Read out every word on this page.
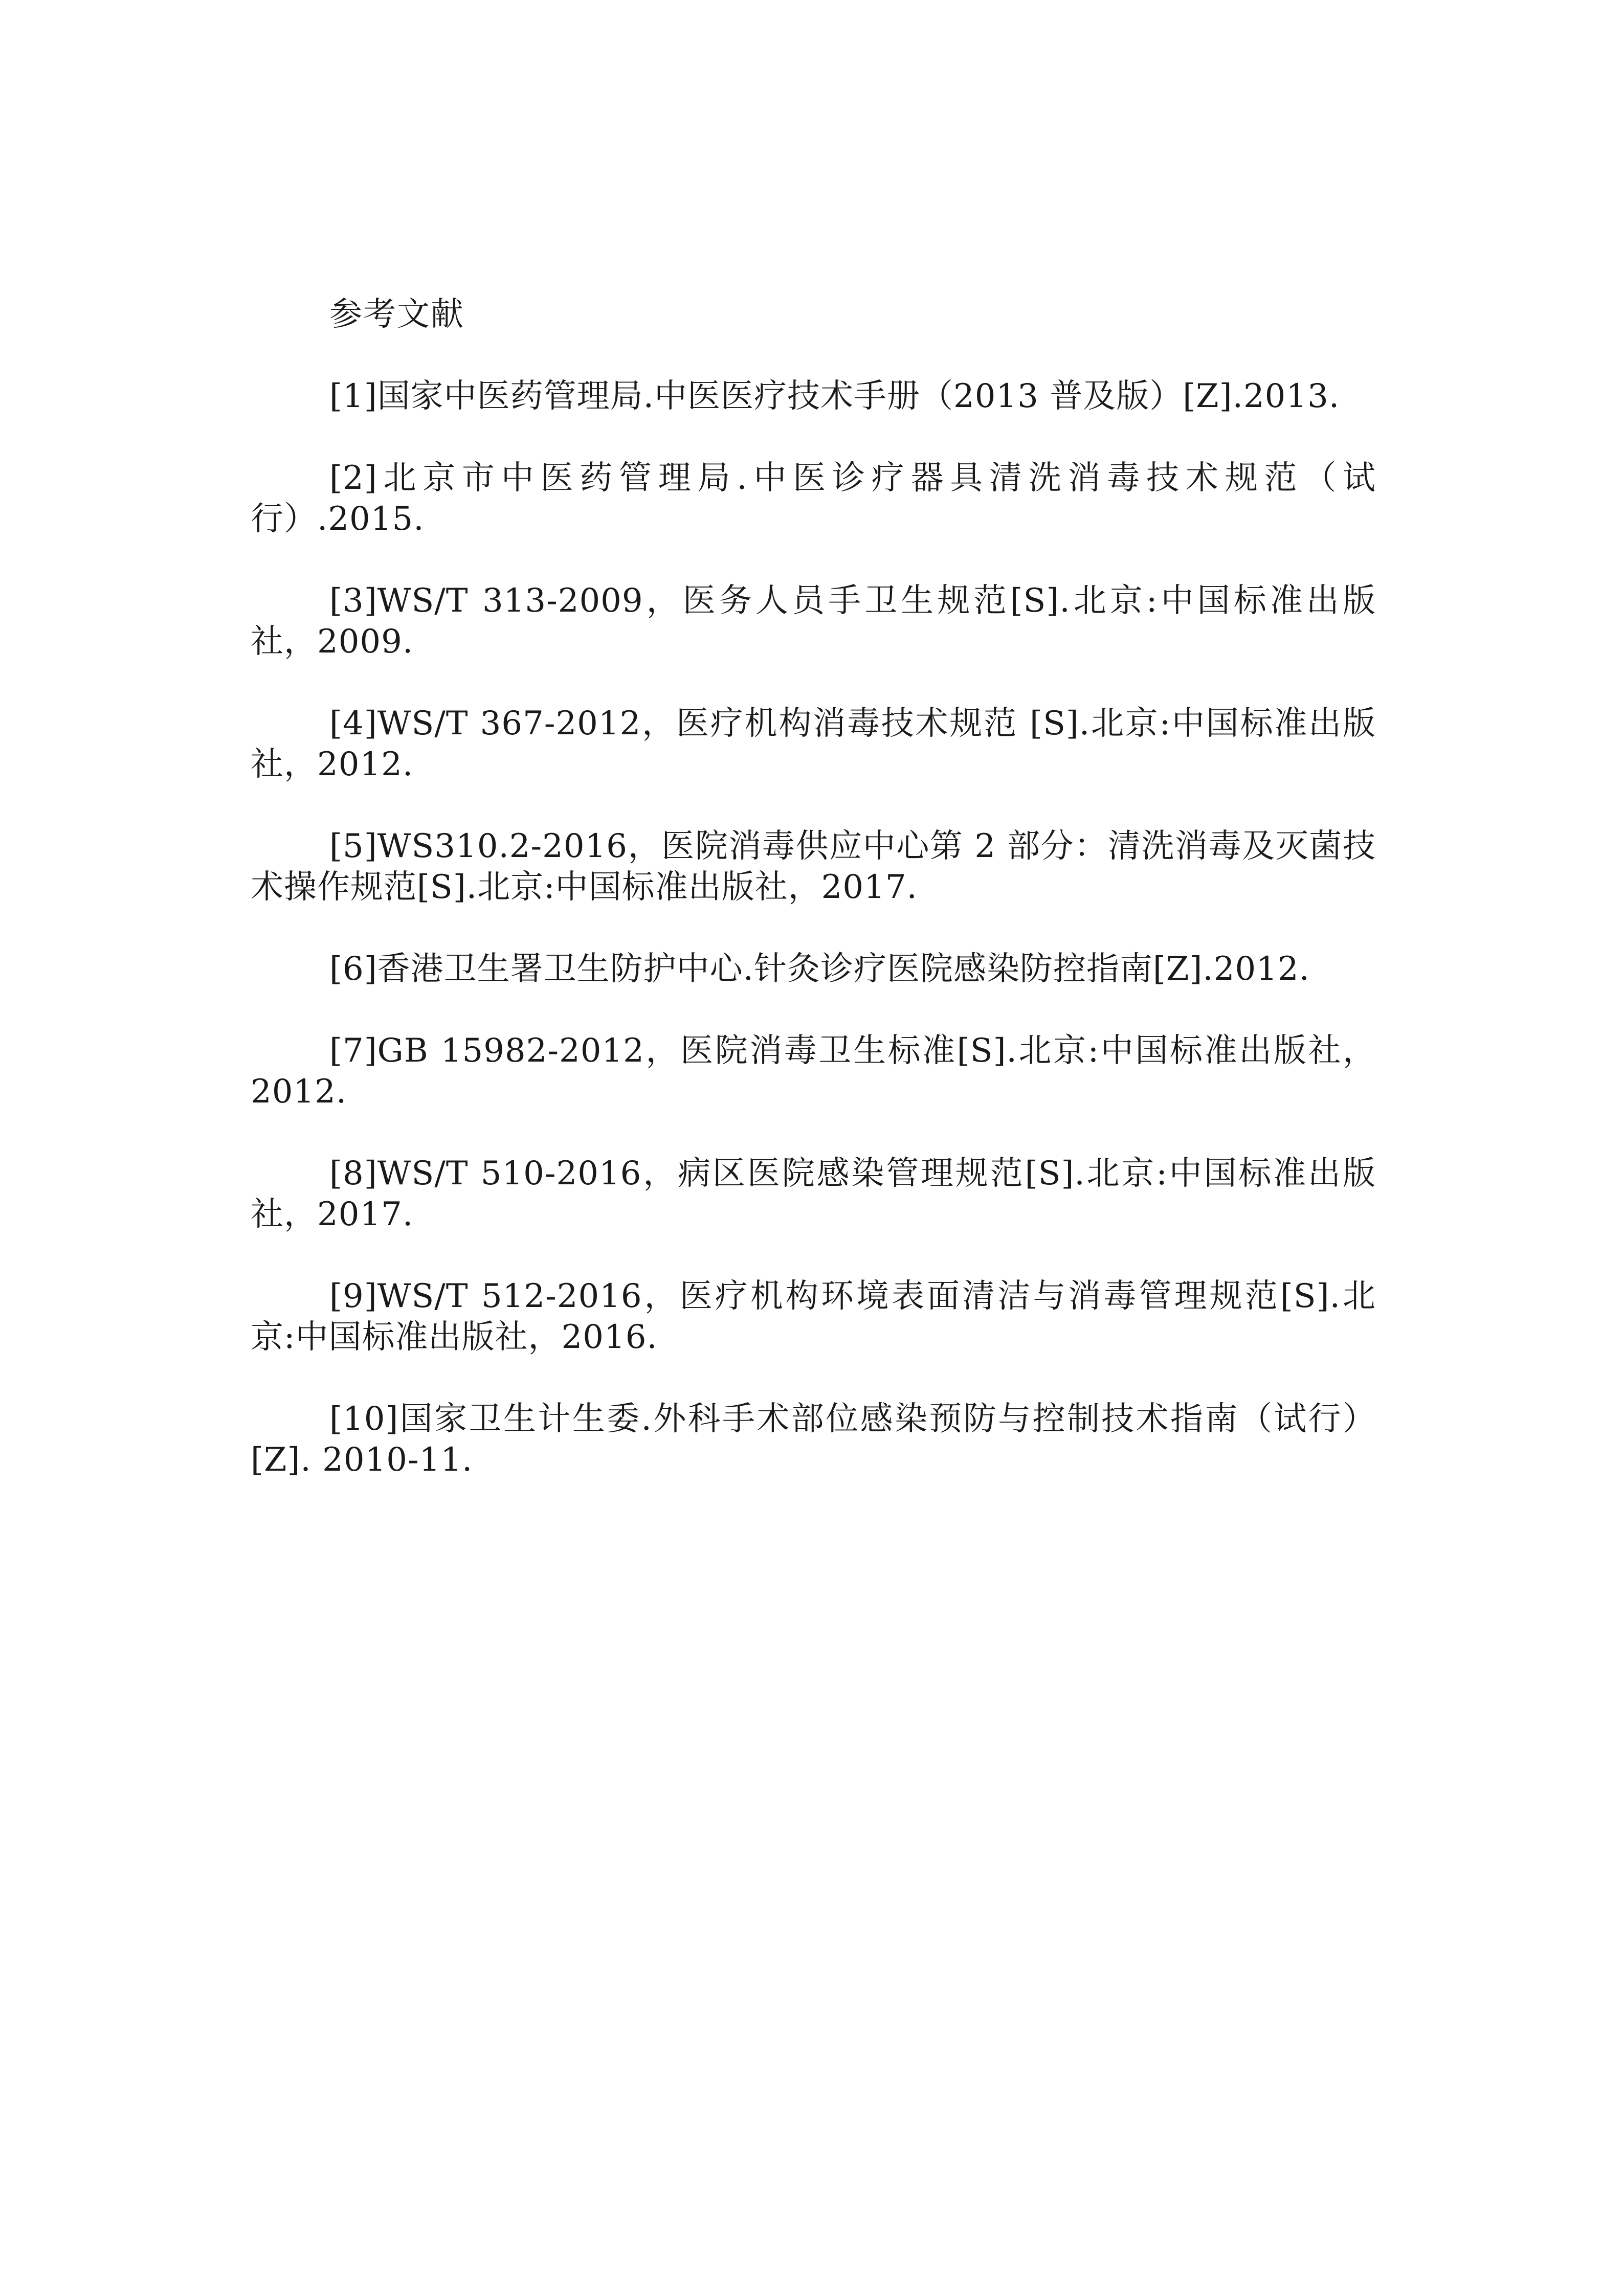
参考文献

[1]国家中医药管理局.中医医疗技术手册（2013 普及版）[Z].2013.

[2]北京市中医药管理局.中医诊疗器具清洗消毒技术规范（试行）.2015.

[3]WS/T 313-2009，医务人员手卫生规范[S].北京:中国标准出版社，2009.

[4]WS/T 367-2012，医疗机构消毒技术规范 [S].北京:中国标准出版社，2012.

[5]WS310.2-2016，医院消毒供应中心第 2 部分：清洗消毒及灭菌技术操作规范[S].北京:中国标准出版社，2017.

[6]香港卫生署卫生防护中心.针灸诊疗医院感染防控指南[Z].2012.

[7]GB 15982-2012，医院消毒卫生标准[S].北京:中国标准出版社，2012.

[8]WS/T 510-2016，病区医院感染管理规范[S].北京:中国标准出版社，2017.

[9]WS/T 512-2016，医疗机构环境表面清洁与消毒管理规范[S].北京:中国标准出版社，2016.

[10]国家卫生计生委.外科手术部位感染预防与控制技术指南（试行）[Z]. 2010-11.
